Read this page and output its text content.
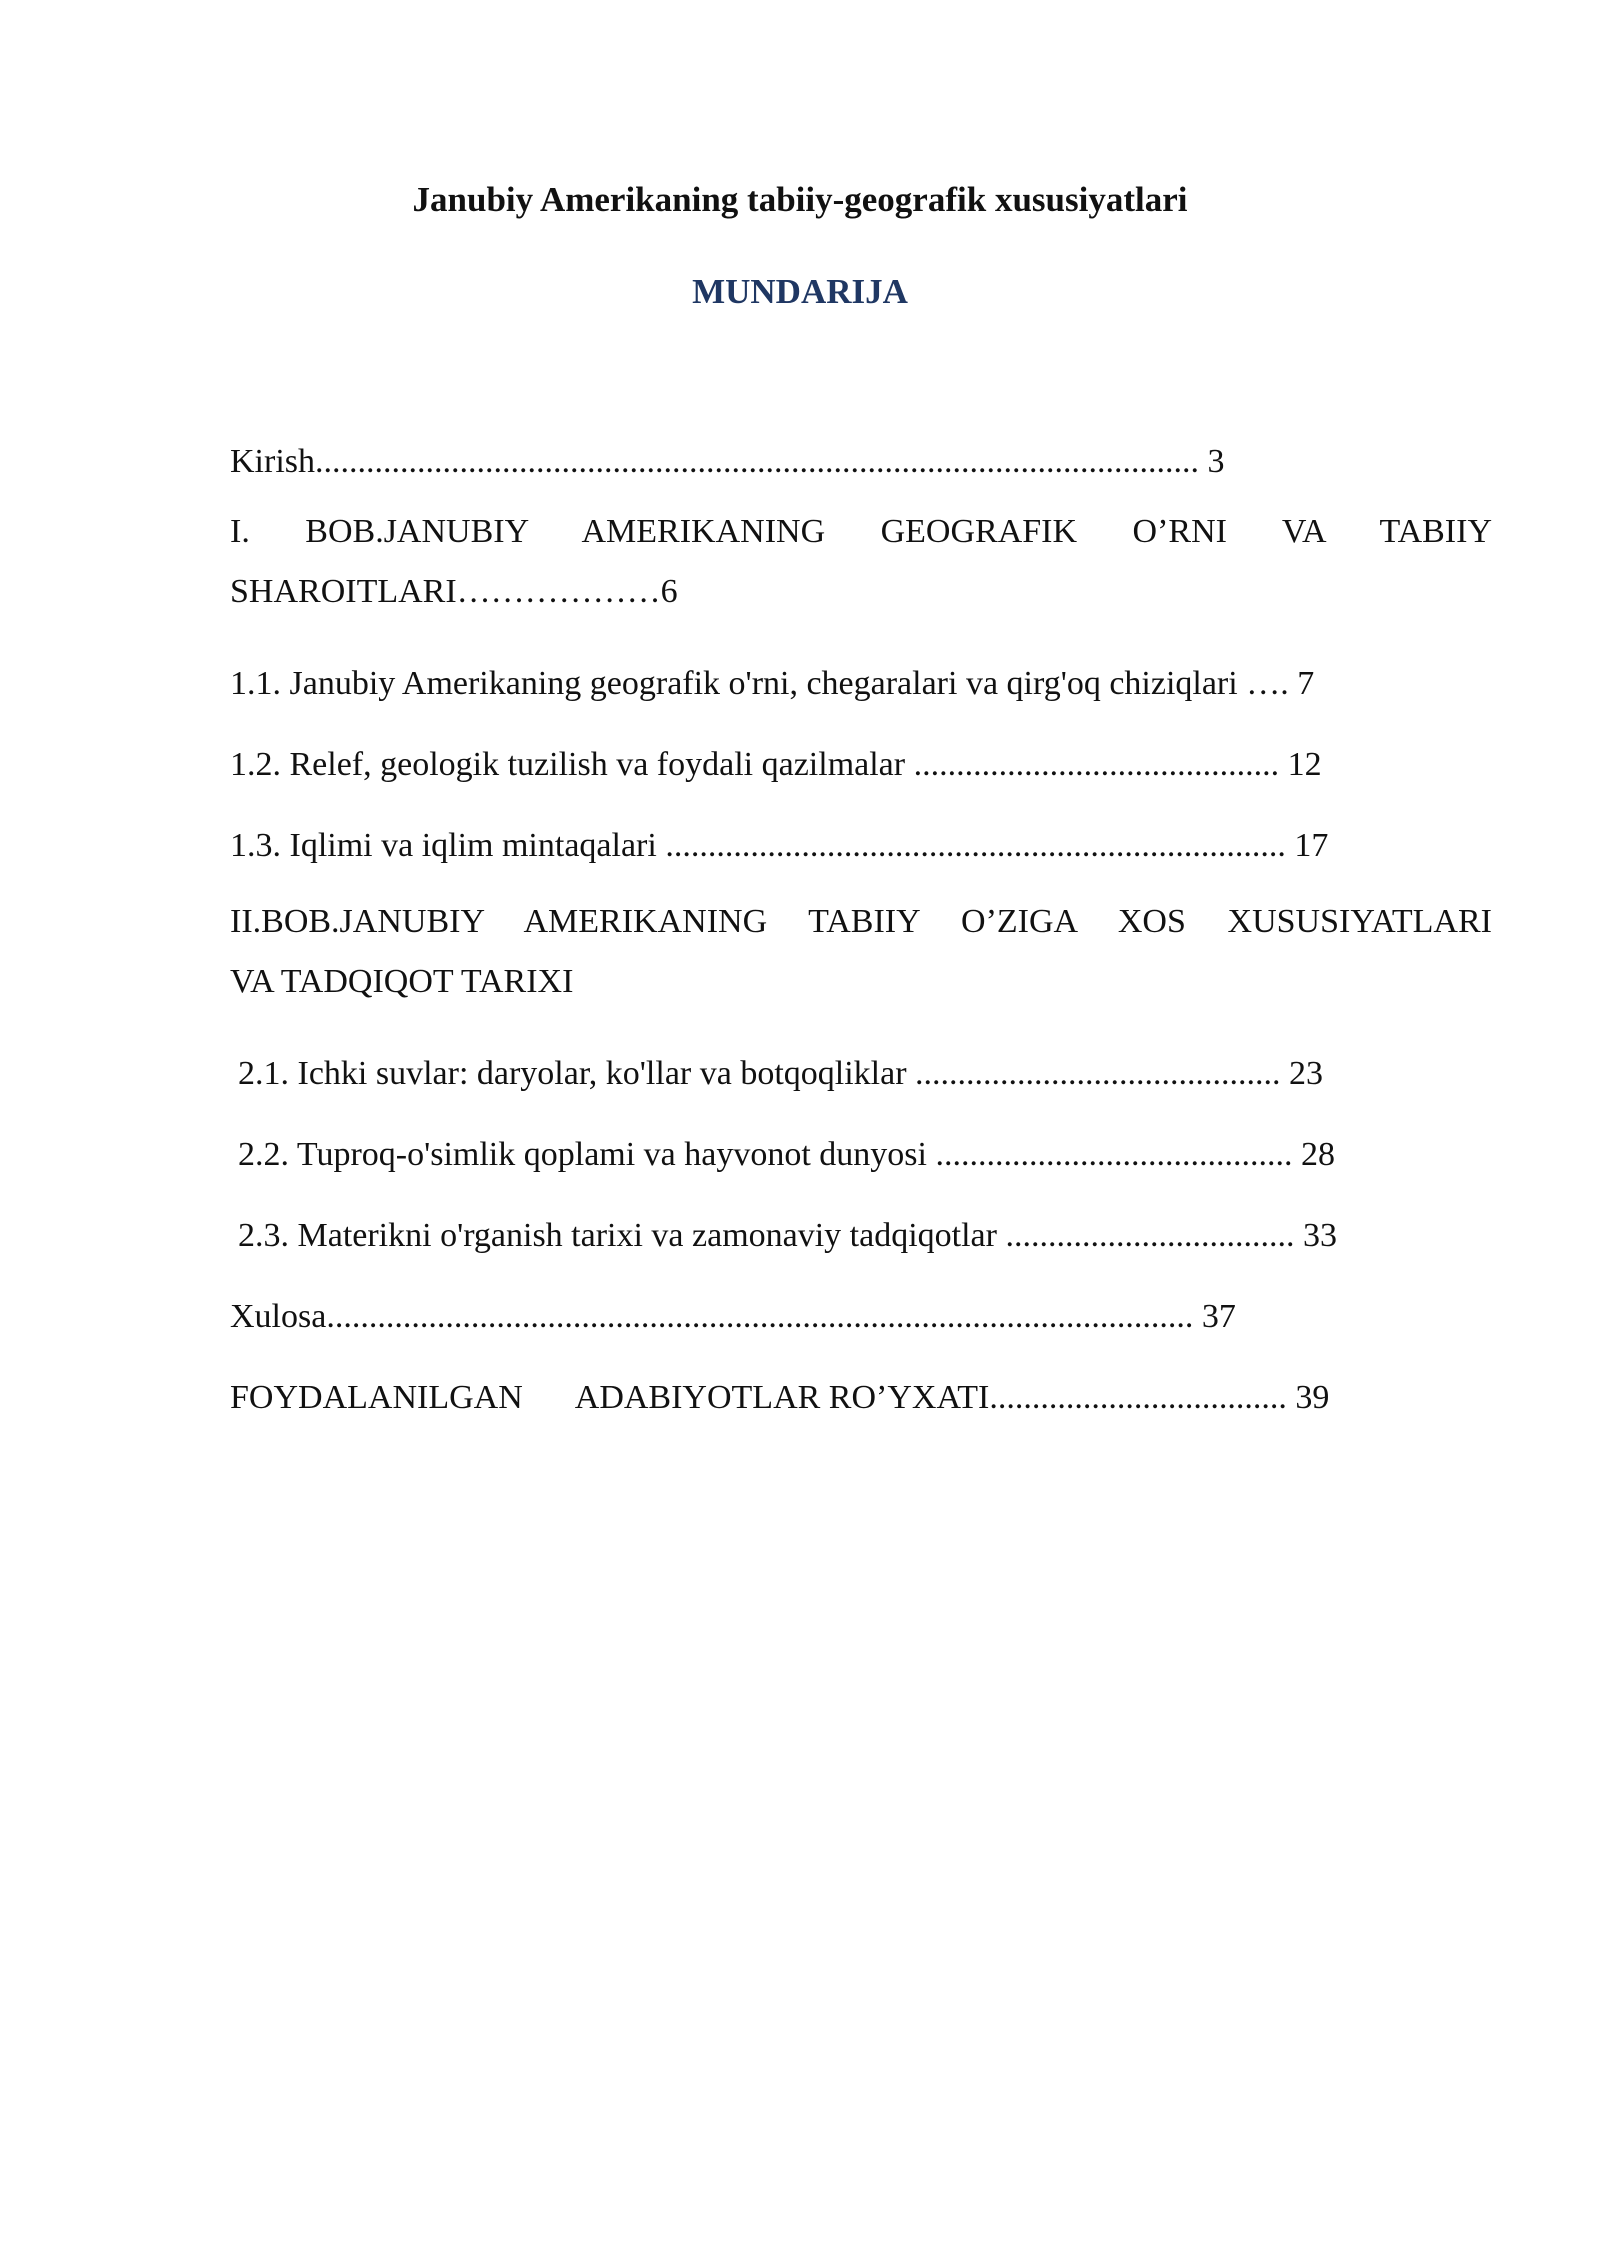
Janubiy Amerikaning tabiiy-geografik xususiyatlari
MUNDARIJA
Kirish........................................................................................................ 3
I. BOB.JANUBIY AMERIKANING GEOGRAFIK O’RNI VA TABIIY
SHAROITLARI………………6
1.1. Janubiy Amerikaning geografik o'rni, chegaralari va qirg'oq chiziqlari …. 7
1.2. Relef, geologik tuzilish va foydali qazilmalar ........................................... 12
1.3. Iqlimi va iqlim mintaqalari ......................................................................... 17
II.BOB.JANUBIY AMERIKANING TABIIY O’ZIGA XOS XUSUSIYATLARI
VA TADQIQOT TARIXI
2.1. Ichki suvlar: daryolar, ko'llar va botqoqliklar ........................................... 23
2.2. Tuproq-o'simlik qoplami va hayvonot dunyosi .......................................... 28
2.3. Materikni o'rganish tarixi va zamonaviy tadqiqotlar .................................. 33
Xulosa...................................................................................................... 37
FOYDALANILGAN ADABIYOTLAR RO’YXATI................................... 39
